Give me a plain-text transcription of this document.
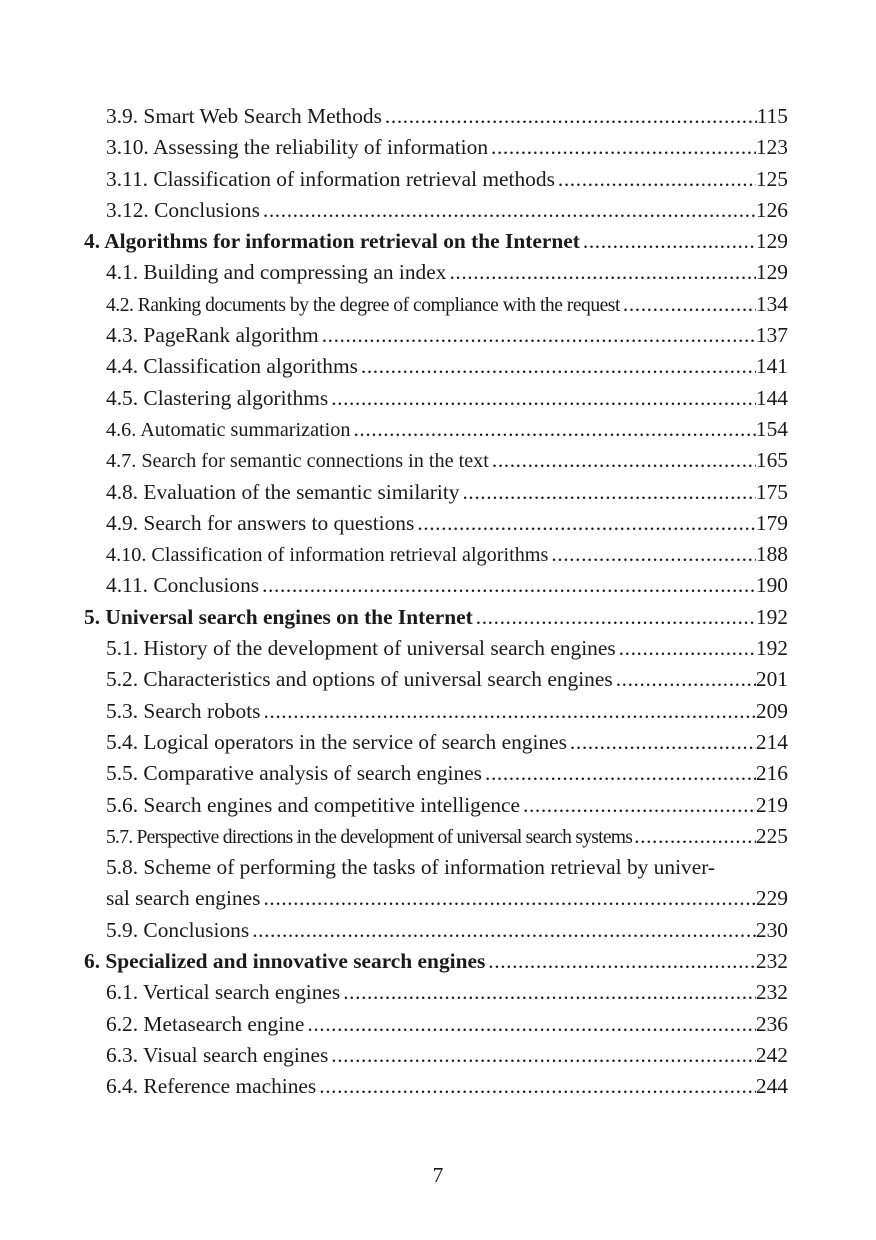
3.9. Smart Web Search Methods .....	115
3.10. Assessing the reliability of information .....	123
3.11. Classification of information retrieval methods .....	125
3.12. Conclusions .....	126
4. Algorithms for information retrieval on the Internet .....	129
4.1. Building and compressing an index .....	129
4.2. Ranking documents by the degree of compliance with the request .....	134
4.3. PageRank algorithm .....	137
4.4. Classification algorithms .....	141
4.5. Clastering algorithms .....	144
4.6. Automatic summarization .....	154
4.7. Search for semantic connections in the text .....	165
4.8. Evaluation of the semantic similarity .....	175
4.9. Search for answers to questions .....	179
4.10. Classification of information retrieval algorithms .....	188
4.11. Conclusions .....	190
5. Universal search engines on the Internet .....	192
5.1. History of the development of universal search engines .....	192
5.2. Characteristics and options of universal search engines .....	201
5.3. Search robots .....	209
5.4. Logical operators in the service of search engines .....	214
5.5. Comparative analysis of search engines .....	216
5.6. Search engines and competitive intelligence .....	219
5.7. Perspective directions in the development of universal search systems .....	225
5.8. Scheme of performing the tasks of information retrieval by univer-
sal search engines .....	229
5.9. Conclusions .....	230
6. Specialized and innovative search engines .....	232
6.1. Vertical search engines .....	232
6.2. Metasearch engine .....	236
6.3. Visual search engines .....	242
6.4. Reference machines .....	244
7
